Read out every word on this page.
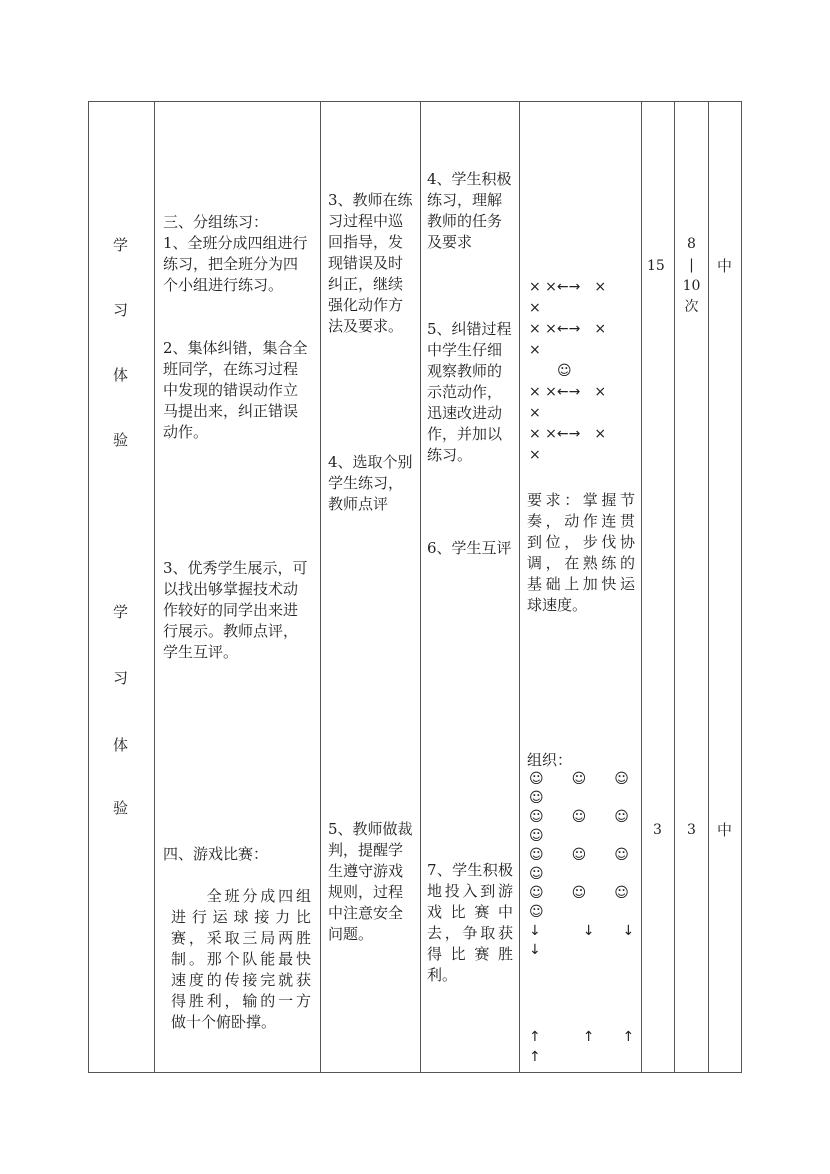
学
习
体
验
学
习
体
验
三、分组练习：
1、全班分成四组进行
练习，把全班分为四
个小组进行练习。
2、集体纠错，集合全
班同学，在练习过程
中发现的错误动作立
马提出来，纠正错误
动作。
3、优秀学生展示，可
以找出够掌握技术动
作较好的同学出来进
行展示。教师点评，
学生互评。
四、游戏比赛：
　　全班分成四组
进行运球接力比
赛，采取三局两胜
制。那个队能最快
速度的传接完就获
得胜利，输的一方
做十个俯卧撑。
3、教师在练
习过程中巡
回指导，发
现错误及时
纠正，继续
强化动作方
法及要求。
4、选取个别
学生练习，
教师点评
5、教师做裁
判，提醒学
生遵守游戏
规则，过程
中注意安全
问题。
4、学生积极
练习，理解
教师的任务
及要求
5、纠错过程
中学生仔细
观察教师的
示范动作，
迅速改进动
作，并加以
练习。
6、学生互评
7、学生积极
地投入到游
戏比赛中
去，争取获
得比赛胜
利。
× ×←→　×
×
× ×←→　×
×
　　☺
× ×←→　×
×
× ×←→　×
×
要求：掌握节
奏，动作连贯
到位，步伐协
调，在熟练的
基础上加快运
球速度。
组织：
☺　　☺　　☺
☺
☺　　☺　　☺
☺
☺　　☺　　☺
☺
☺　　☺　　☺
☺
↓　　　↓　　↓
↓
↑　　　↑　　↑
↑
15
3
8
|
10
次
3
中
中
